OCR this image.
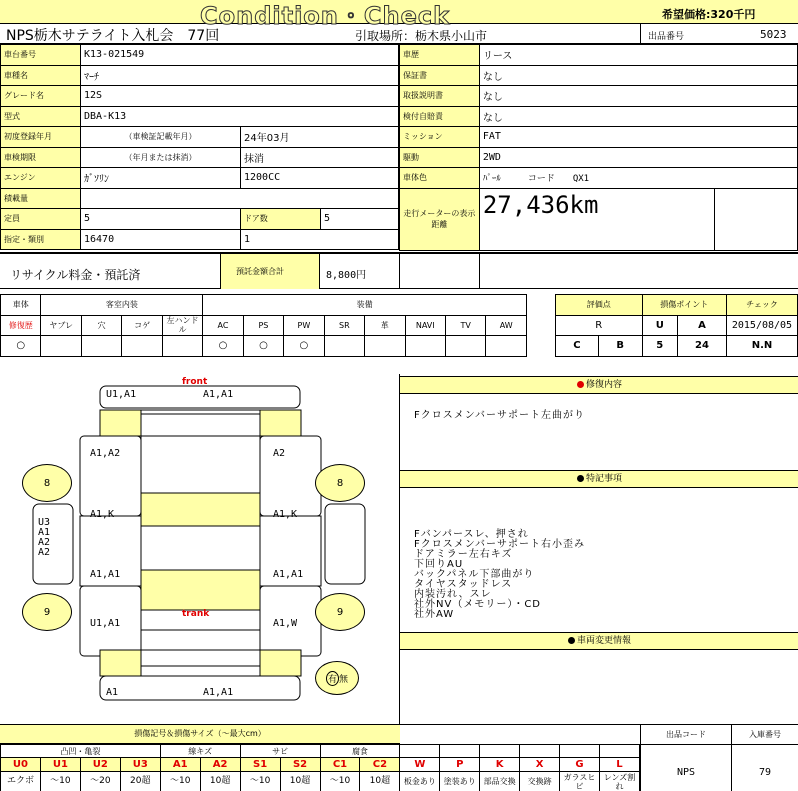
Condition・Check	希望価格:320千円
NPS栃木サテライト入札会　77回	引取場所：栃木県小山市	出品番号	5023
車台番号	K13-021549		
車種名	ﾏｰﾁ		
グレード名	12S		
型式	DBA-K13		
初度登録年月	（車検証記載年月）	24年03月	
車検期限	（年月または抹消）	抹消	
エンジン	ｶﾞｿﾘﾝ	1200CC	
積載量			
定員	5	ドア数	5
指定・類別	16470	1	
車歴	リース	
保証書	なし	
取扱説明書	なし	
検付自賠責	なし	
ミッション	FAT	
駆動	2WD	
車体色	ﾊﾟｰﾙ　　　コード　　QX1	
走行メーターの表示距離	27,436km	

リサイクル料金・預託済	預託金額合計	8,800円
車体	客室内装				装備							
修復歴	ヤブレ	穴	コゲ	左ハンドル	AC	PS	PW	SR	革	NAVI	TV	AW
○					○	○	○					
評価点		損傷ポイント		チェック
R		U	A	2015/08/05
C	B	5	24	N.N
front
trank
U1,A1	A1,A1
A1,A2	A2
A1,K	A1,K
A1,A1	A1,A1
U1,A1	A1,W
A1	A1,A1
U3
A1
A2
A2
8	8
9	9
有 無
修復内容
Fクロスメンバーサポート左曲がり
特記事項
Fバンパースレ、押され
Fクロスメンバーサポート右小歪み
ドアミラー左右キズ
下回りAU
バックパネル下部曲がり
タイヤスタッドレス
内装汚れ、スレ
社外NV（メモリー）・CD
社外AW
車両変更情報
損傷記号＆損傷サイズ（〜最大cm）
凸凹・亀裂				線キズ		サビ		腐食							
U0	U1	U2	U3	A1	A2	S1	S2	C1	C2	W	P	K	X	G	L
エクボ	〜10	〜20	20超	〜10	10超	〜10	10超	〜10	10超	板金あり	塗装あり	部品交換	交換跡	ガラスヒビ	レンズ割れ
出品コード	入庫番号
NPS	79
